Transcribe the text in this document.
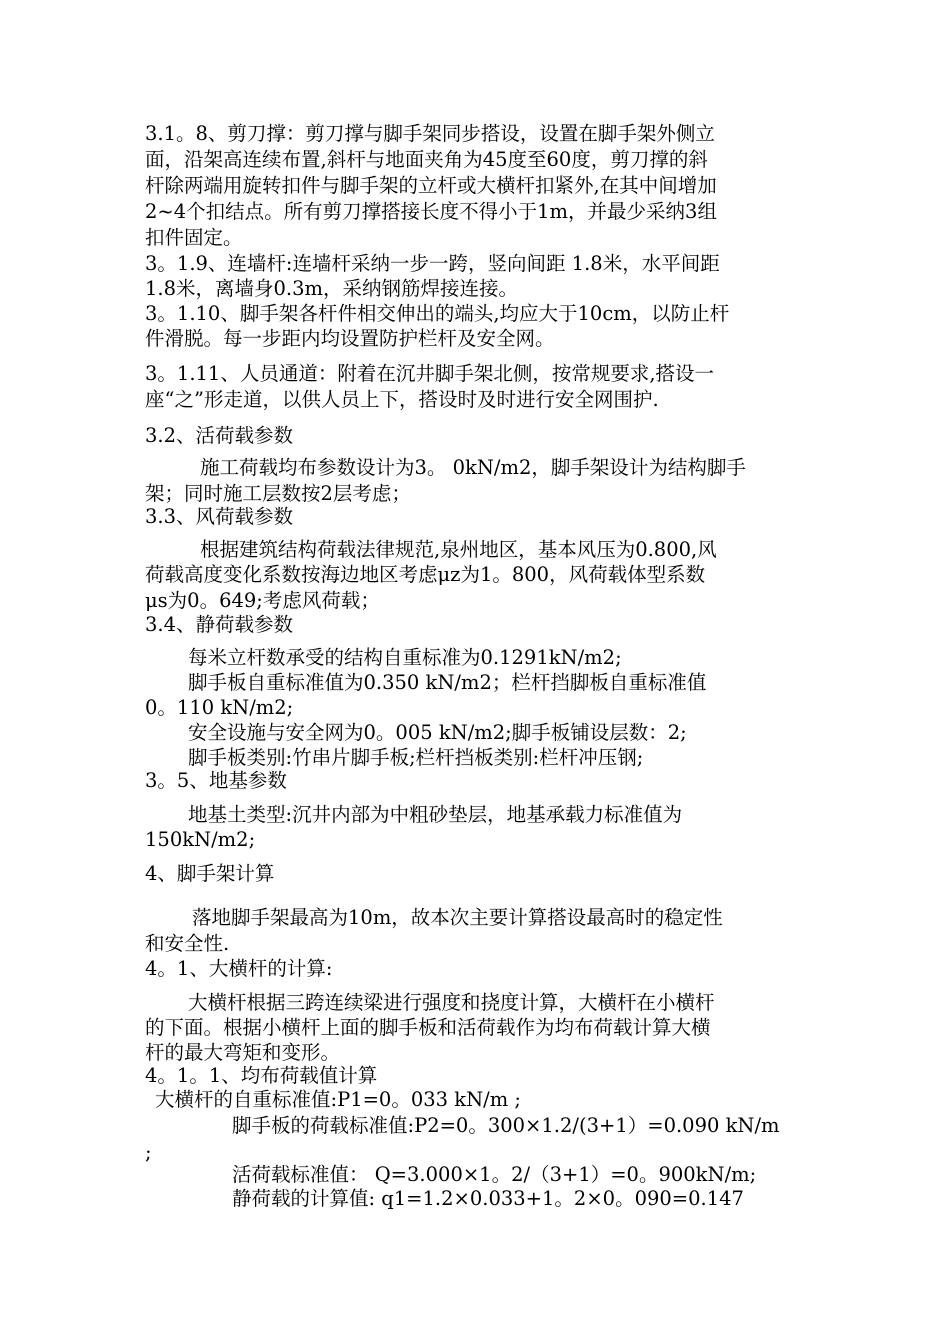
3.1。8、剪刀撑：剪刀撑与脚手架同步搭设，设置在脚手架外侧立
面，沿架高连续布置,斜杆与地面夹角为45度至60度，剪刀撑的斜
杆除两端用旋转扣件与脚手架的立杆或大横杆扣紧外,在其中间增加
2~4个扣结点。所有剪刀撑搭接长度不得小于1m，并最少采纳3组
扣件固定。
3。1.9、连墙杆:连墙杆采纳一步一跨，竖向间距 1.8米，水平间距
1.8米，离墙身0.3m，采纳钢筋焊接连接。
3。1.10、脚手架各杆件相交伸出的端头,均应大于10cm，以防止杆
件滑脱。每一步距内均设置防护栏杆及安全网。
3。1.11、人员通道：附着在沉井脚手架北侧，按常规要求,搭设一
座“之”形走道，以供人员上下，搭设时及时进行安全网围护.
3.2、活荷载参数
施工荷载均布参数设计为3。 0kN/m2，脚手架设计为结构脚手
架；同时施工层数按2层考虑；
3.3、风荷载参数
根据建筑结构荷载法律规范,泉州地区，基本风压为0.800,风
荷载高度变化系数按海边地区考虑μz为1。800，风荷载体型系数
μs为0。649;考虑风荷载；
3.4、静荷载参数
每米立杆数承受的结构自重标准为0.1291kN/m2;
脚手板自重标准值为0.350 kN/m2；栏杆挡脚板自重标准值
0。110 kN/m2;
安全设施与安全网为0。005 kN/m2;脚手板铺设层数：2;
脚手板类别:竹串片脚手板;栏杆挡板类别:栏杆冲压钢;
3。5、地基参数
地基土类型:沉井内部为中粗砂垫层，地基承载力标准值为
150kN/m2;
4、脚手架计算
落地脚手架最高为10m，故本次主要计算搭设最高时的稳定性
和安全性.
4。1、大横杆的计算:
大横杆根据三跨连续梁进行强度和挠度计算，大横杆在小横杆
的下面。根据小横杆上面的脚手板和活荷载作为均布荷载计算大横
杆的最大弯矩和变形。
4。1。1、均布荷载值计算
大横杆的自重标准值:P1=0。033 kN/m ;
脚手板的荷载标准值:P2=0。300×1.2/(3+1）=0.090 kN/m
;
活荷载标准值： Q=3.000×1。2/（3+1）=0。900kN/m;
静荷载的计算值: q1=1.2×0.033+1。2×0。090=0.147
